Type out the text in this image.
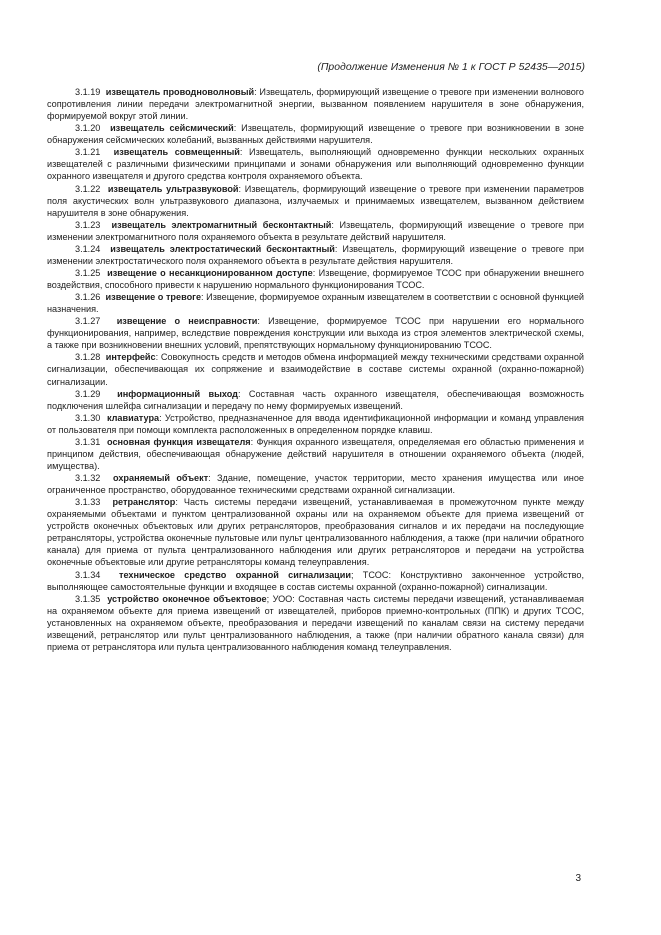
(Продолжение Изменения № 1 к ГОСТ Р 52435—2015)

3.1.19 извещатель проводноволновый: Извещатель, формирующий извещение о тревоге при изменении волнового сопротивления линии передачи электромагнитной энергии, вызванном появлением нарушителя в зоне обнаружения, формируемой вокруг этой линии.

3.1.20 извещатель сейсмический: Извещатель, формирующий извещение о тревоге при возникновении в зоне обнаружения сейсмических колебаний, вызванных действиями нарушителя.

3.1.21 извещатель совмещенный: Извещатель, выполняющий одновременно функции нескольких охранных извещателей с различными физическими принципами и зонами обнаружения или выполняющий одновременно функции охранного извещателя и другого средства контроля охраняемого объекта.

3.1.22 извещатель ультразвуковой: Извещатель, формирующий извещение о тревоге при изменении параметров поля акустических волн ультразвукового диапазона, излучаемых и принимаемых извещателем, вызванном действием нарушителя в зоне обнаружения.

3.1.23 извещатель электромагнитный бесконтактный: Извещатель, формирующий извещение о тревоге при изменении электромагнитного поля охраняемого объекта в результате действий нарушителя.

3.1.24 извещатель электростатический бесконтактный: Извещатель, формирующий извещение о тревоге при изменении электростатического поля охраняемого объекта в результате действия нарушителя.

3.1.25 извещение о несанкционированном доступе: Извещение, формируемое ТСОС при обнаружении внешнего воздействия, способного привести к нарушению нормального функционирования ТСОС.

3.1.26 извещение о тревоге: Извещение, формируемое охранным извещателем в соответствии с основной функцией назначения.

3.1.27 извещение о неисправности: Извещение, формируемое ТСОС при нарушении его нормального функционирования, например, вследствие повреждения конструкции или выхода из строя элементов электрической схемы, а также при возникновении внешних условий, препятствующих нормальному функционированию ТСОС.

3.1.28 интерфейс: Совокупность средств и методов обмена информацией между техническими средствами охранной сигнализации, обеспечивающая их сопряжение и взаимодействие в составе системы охранной (охранно-пожарной) сигнализации.

3.1.29 информационный выход: Составная часть охранного извещателя, обеспечивающая возможность подключения шлейфа сигнализации и передачу по нему формируемых извещений.

3.1.30 клавиатура: Устройство, предназначенное для ввода идентификационной информации и команд управления от пользователя при помощи комплекта расположенных в определенном порядке клавиш.

3.1.31 основная функция извещателя: Функция охранного извещателя, определяемая его областью применения и принципом действия, обеспечивающая обнаружение действий нарушителя в отношении охраняемого объекта (людей, имущества).

3.1.32 охраняемый объект: Здание, помещение, участок территории, место хранения имущества или иное ограниченное пространство, оборудованное техническими средствами охранной сигнализации.

3.1.33 ретранслятор: Часть системы передачи извещений, устанавливаемая в промежуточном пункте между охраняемыми объектами и пунктом централизованной охраны или на охраняемом объекте для приема извещений от устройств оконечных объектовых или других ретрансляторов, преобразования сигналов и их передачи на последующие ретрансляторы, устройства оконечные пультовые или пульт централизованного наблюдения, а также (при наличии обратного канала) для приема от пульта централизованного наблюдения или других ретрансляторов и передачи на устройства оконечные объектовые или другие ретрансляторы команд телеуправления.

3.1.34 техническое средство охранной сигнализации; ТСОС: Конструктивно законченное устройство, выполняющее самостоятельные функции и входящее в состав системы охранной (охранно-пожарной) сигнализации.

3.1.35 устройство оконечное объектовое; УОО: Составная часть системы передачи извещений, устанавливаемая на охраняемом объекте для приема извещений от извещателей, приборов приемно-контрольных (ППК) и других ТСОС, установленных на охраняемом объекте, преобразования и передачи извещений по каналам связи на систему передачи извещений, ретранслятор или пульт централизованного наблюдения, а также (при наличии обратного канала связи) для приема от ретранслятора или пульта централизованного наблюдения команд телеуправления.

3
